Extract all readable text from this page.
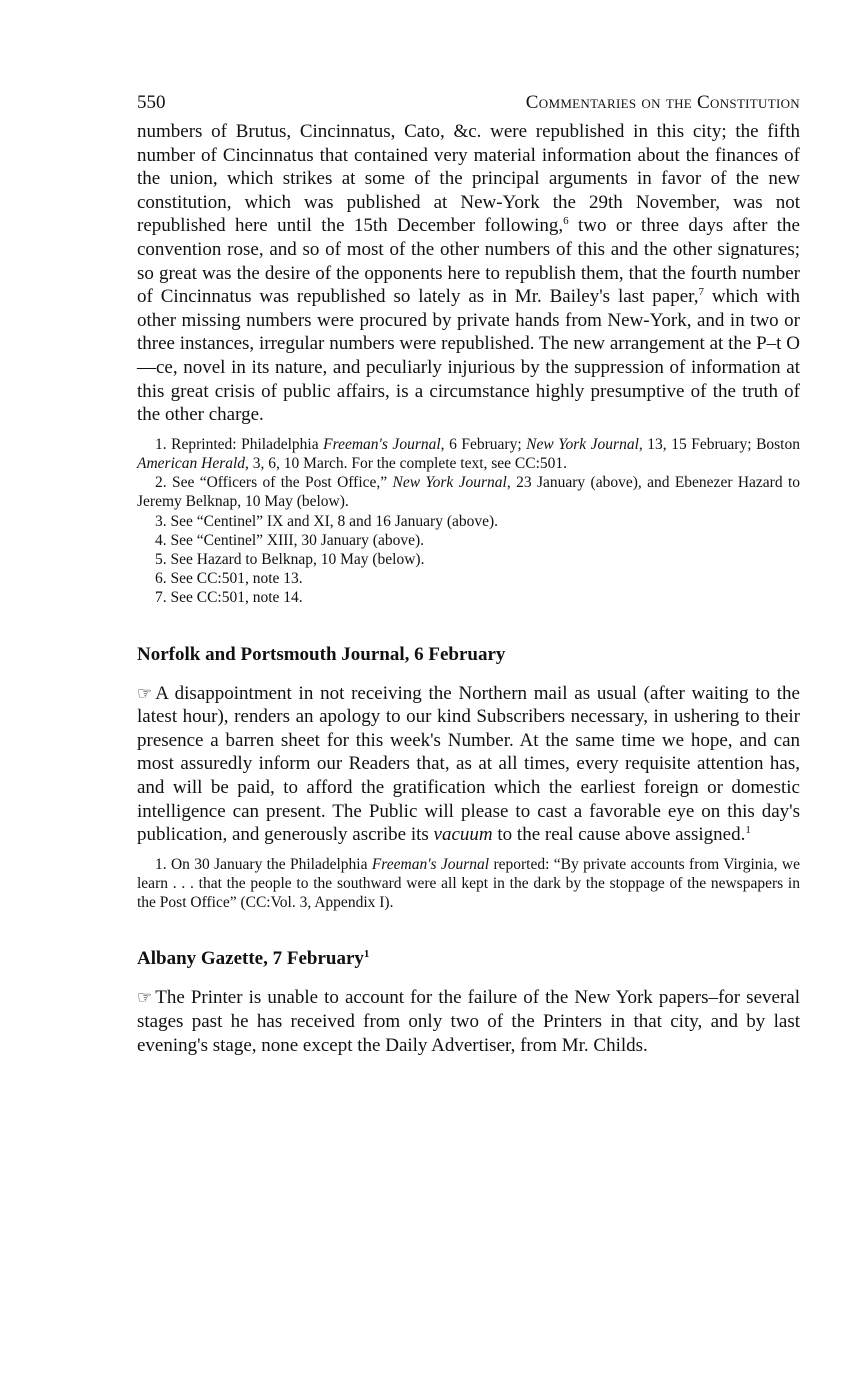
550	Commentaries on the Constitution
numbers of Brutus, Cincinnatus, Cato, &c. were republished in this city; the fifth number of Cincinnatus that contained very material information about the finances of the union, which strikes at some of the principal arguments in favor of the new constitution, which was published at New-York the 29th November, was not republished here until the 15th December following,$^6$ two or three days after the convention rose, and so of most of the other numbers of this and the other signatures; so great was the desire of the opponents here to republish them, that the fourth number of Cincinnatus was republished so lately as in Mr. Bailey's last paper,$^7$ which with other missing numbers were procured by private hands from New-York, and in two or three instances, irregular numbers were republished. The new arrangement at the P–t O—ce, novel in its nature, and peculiarly injurious by the suppression of information at this great crisis of public affairs, is a circumstance highly presumptive of the truth of the other charge.

1. Reprinted: Philadelphia Freeman's Journal, 6 February; New York Journal, 13, 15 February; Boston American Herald, 3, 6, 10 March. For the complete text, see CC:501.

2. See “Officers of the Post Office,” New York Journal, 23 January (above), and Ebenezer Hazard to Jeremy Belknap, 10 May (below).

3. See “Centinel” IX and XI, 8 and 16 January (above).

4. See “Centinel” XIII, 30 January (above).

5. See Hazard to Belknap, 10 May (below).

6. See CC:501, note 13.

7. See CC:501, note 14.

Norfolk and Portsmouth Journal, 6 February
☞ A disappointment in not receiving the Northern mail as usual (after waiting to the latest hour), renders an apology to our kind Subscribers necessary, in ushering to their presence a barren sheet for this week's Number. At the same time we hope, and can most assuredly inform our Readers that, as at all times, every requisite attention has, and will be paid, to afford the gratification which the earliest foreign or domestic intelligence can present. The Public will please to cast a favorable eye on this day's publication, and generously ascribe its vacuum to the real cause above assigned.$^1$

1. On 30 January the Philadelphia Freeman's Journal reported: “By private accounts from Virginia, we learn . . . that the people to the southward were all kept in the dark by the stoppage of the newspapers in the Post Office” (CC:Vol. 3, Appendix I).

Albany Gazette, 7 February$^1$
☞ The Printer is unable to account for the failure of the New York papers–for several stages past he has received from only two of the Printers in that city, and by last evening's stage, none except the Daily Advertiser, from Mr. Childs.
